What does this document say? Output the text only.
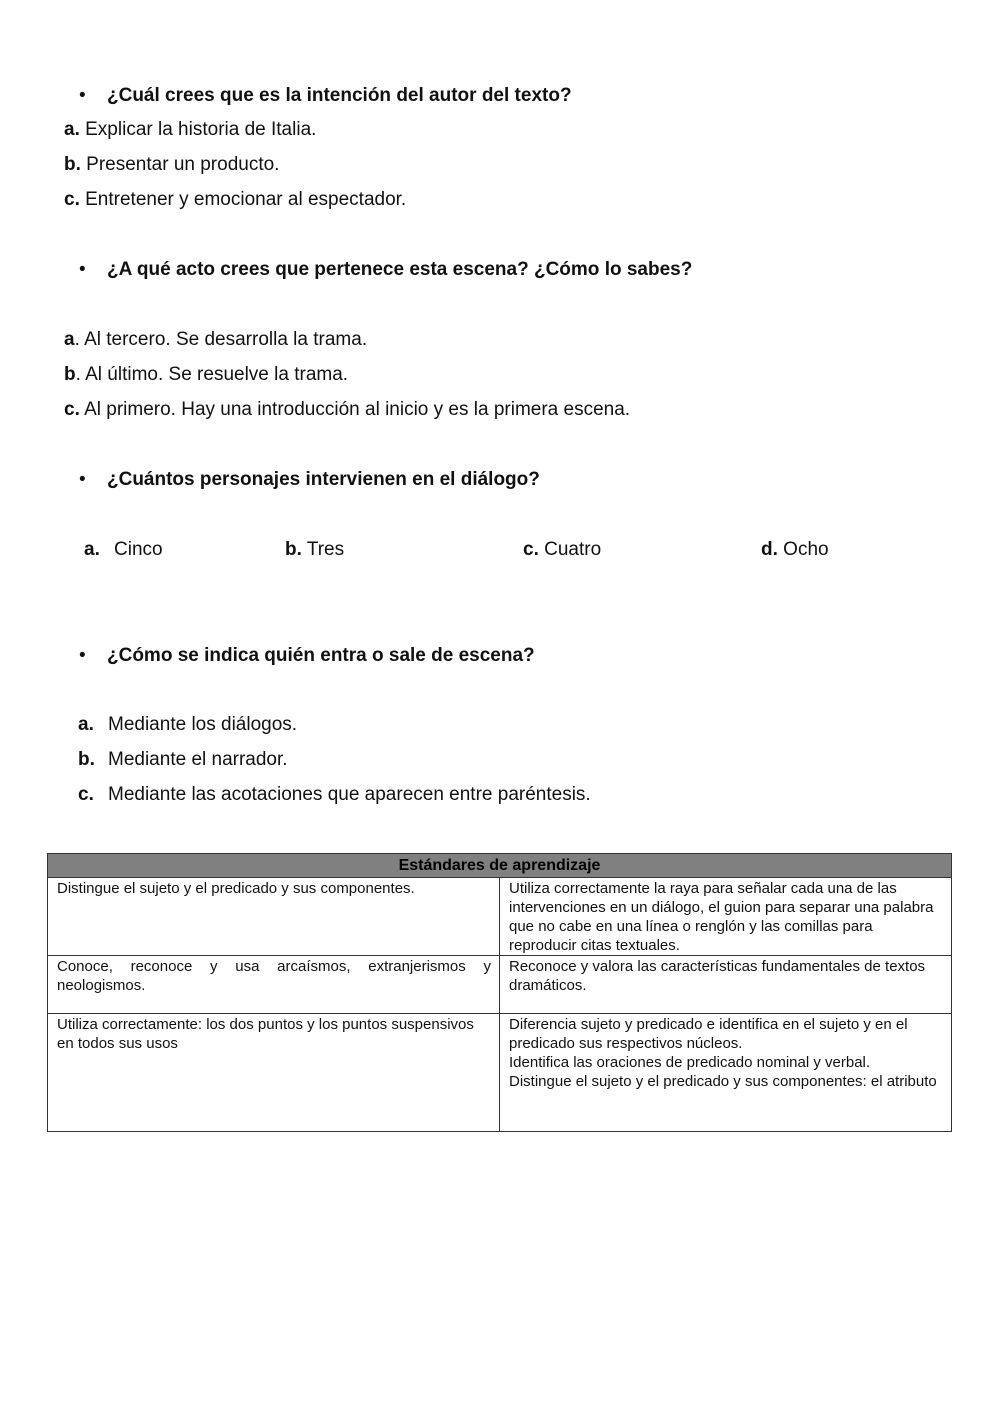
• ¿Cuál crees que es la intención del autor del texto?
a. Explicar la historia de Italia.
b. Presentar un producto.
c. Entretener y emocionar al espectador.
• ¿A qué acto crees que pertenece esta escena? ¿Cómo lo sabes?
a. Al tercero. Se desarrolla la trama.
b. Al último. Se resuelve la trama.
c. Al primero. Hay una introducción al inicio y es la primera escena.
• ¿Cuántos personajes intervienen en el diálogo?
a. Cinco	b. Tres	c. Cuatro	d. Ocho
• ¿Cómo se indica quién entra o sale de escena?
a. Mediante los diálogos.
b. Mediante el narrador.
c. Mediante las acotaciones que aparecen entre paréntesis.
Estándares de aprendizaje	
Distingue el sujeto y el predicado y sus componentes.	Utiliza correctamente la raya para señalar cada una de las intervenciones en un diálogo, el guion para separar una palabra que no cabe en una línea o renglón y las comillas para reproducir citas textuales.
Conoce, reconoce y usa arcaísmos, extranjerismos y neologismos.	Reconoce y valora las características fundamentales de textos dramáticos.
Utiliza correctamente: los dos puntos y los puntos suspensivos en todos sus usos	Diferencia sujeto y predicado e identifica en el sujeto y en el predicado sus respectivos núcleos.
Identifica las oraciones de predicado nominal y verbal.
Distingue el sujeto y el predicado y sus componentes: el atributo
